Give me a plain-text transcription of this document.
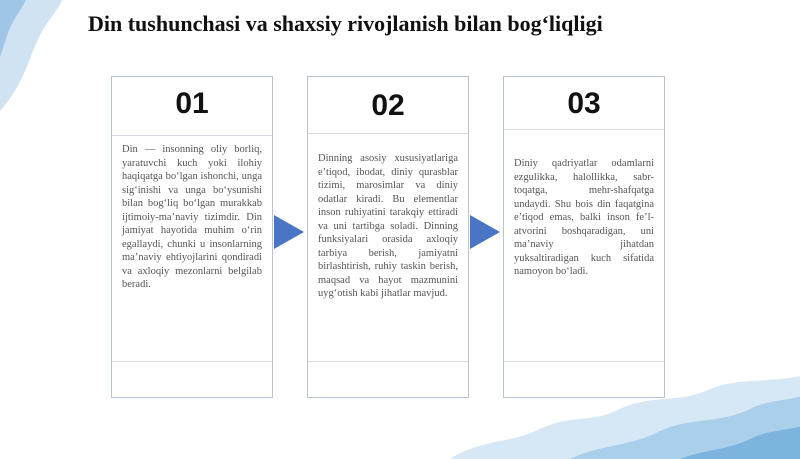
Din tushunchasi va shaxsiy rivojlanish bilan bog‘liqligi
01
Din — insonning oliy borliq, yaratuvchi kuch yoki ilohiy haqiqatga bo‘lgan ishonchi, unga sig‘inishi va unga bo‘ysunishi bilan bog‘liq bo‘lgan murakkab ijtimoiy-ma’naviy tizimdir. Din jamiyat hayotida muhim o‘rin egallaydi, chunki u insonlarning ma’naviy ehtiyojlarini qondiradi va axloqiy mezonlarni belgilab beradi.
02
Dinning asosiy xususiyatlariga e’tiqod, ibodat, diniy qurasblar tizimi, marosimlar va diniy odatlar kiradi. Bu elementlar inson ruhiyatini tarakqiy ettiradi va uni tartibga soladi. Dinning funksiyalari orasida axloqiy tarbiya berish, jamiyatni birlashtirish, ruhiy taskin berish, maqsad va hayot mazmunini uyg‘otish kabi jihatlar mavjud.
03
Diniy qadriyatlar odamlarni ezgulikka, halollikka, sabr-toqatga, mehr-shafqatga undaydi. Shu bois din faqatgina e’tiqod emas, balki inson fe’l-atvorini boshqaradigan, uni ma’naviy jihatdan yuksaltiradigan kuch sifatida namoyon bo‘ladi.
